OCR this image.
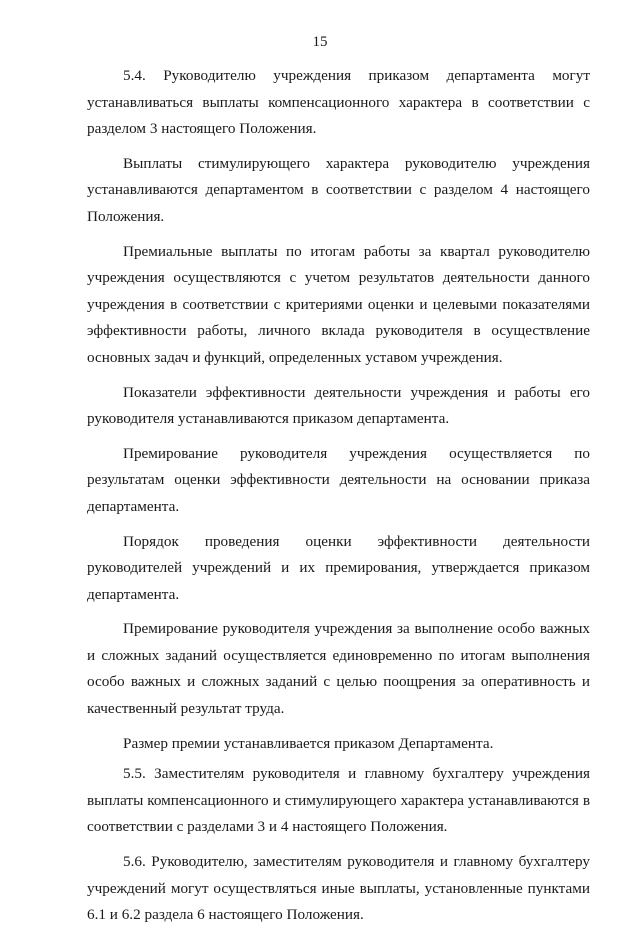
15

5.4. Руководителю учреждения приказом департамента могут устанавливаться выплаты компенсационного характера в соответствии с разделом 3 настоящего Положения.

Выплаты стимулирующего характера руководителю учреждения устанавливаются департаментом в соответствии с разделом 4 настоящего Положения.

Премиальные выплаты по итогам работы за квартал руководителю учреждения осуществляются с учетом результатов деятельности данного учреждения в соответствии с критериями оценки и целевыми показателями эффективности работы, личного вклада руководителя в осуществление основных задач и функций, определенных уставом учреждения.

Показатели эффективности деятельности учреждения и работы его руководителя устанавливаются приказом департамента.

Премирование руководителя учреждения осуществляется по результатам оценки эффективности деятельности на основании приказа департамента.

Порядок проведения оценки эффективности деятельности руководителей учреждений и их премирования, утверждается приказом департамента.

Премирование руководителя учреждения за выполнение особо важных и сложных заданий осуществляется единовременно по итогам выполнения особо важных и сложных заданий с целью поощрения за оперативность и качественный результат труда.

Размер премии устанавливается приказом Департамента.

5.5. Заместителям руководителя и главному бухгалтеру учреждения выплаты компенсационного и стимулирующего характера устанавливаются в соответствии с разделами 3 и 4 настоящего Положения.

5.6. Руководителю, заместителям руководителя и главному бухгалтеру учреждений могут осуществляться иные выплаты, установленные пунктами 6.1 и 6.2 раздела 6 настоящего Положения.
